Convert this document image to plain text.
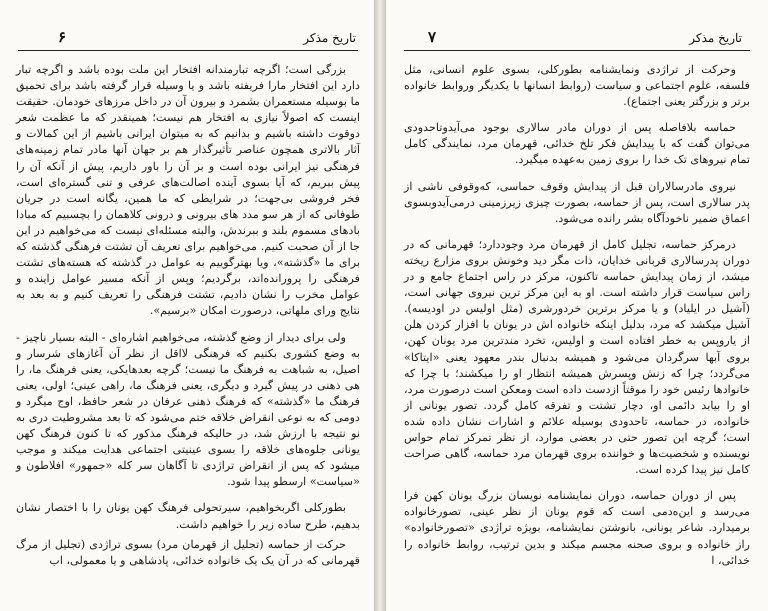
۶	تاریخ مذکر

بزرگی است؛ اگرچه تبارمندانه افتخار این ملت بوده باشد و اگرچه تبار دارد این افتخار مارا فریفته باشد و یا وسیله قرار گرفته باشد برای تحمیق ما بوسیله مستعمران بشمرد و بیرون آن در داخل مرزهای خودمان. حقیقت اینست که اصولاً نیازی به افتخار هم نیست؛ همینقدر که ما عظمت شعر دوقوت داشته باشیم و بدانیم که به میتوان ایرانی باشیم از این کمالات و آثار بالاتری همچون عناصر تأثیرگذار هم بر جهان آنها مادر تمام زمینه‌های فرهنگی نیز ایرانی بوده است و بر آن را باور داریم، پیش از آنکه آن را پیش ببریم، که آیا بسوی آینده اصالت‌های عرفی و تنی گستره‌ای است، فخر فروشی بی‌جهت؛ در شرایطی که ما همین، یگانه است در جریان طوفانی که از هر سو مدد های بیرونی و درونی کلاهمان را بچسبیم که مبادا بادهای مسموم بلند و ببرندش، والبته مسئله‌ای نیست که می‌خواهیم در این جا از آن صحبت کنیم. می‌خواهیم برای تعریف آن تشتت فرهنگی گذشته که برای ما «گذشته»، ویا بهترگوییم به عوامل در گذشته که هسته‌های تشتت فرهنگی را پرورانده‌اند، برگردیم؛ وپس از آنکه مسیر عوامل زاینده و عوامل مخرب را نشان دادیم، تشتت فرهنگی را تعریف کنیم و به بعد به نتایج ورای ملهاتی، درصورت امکان «برسیم».

ولی برای دیدار از وضع گذشته، می‌خواهیم اشاره‌ای - البته بسیار ناچیز - به وضع کشوری بکنیم که فرهنگی لااقل از نظر آن آغازهای شرسار و اصیل، به شباهت به فرهنگ ما نیست؛ گرچه بعدهایکی، یعنی فرهنگ ما، را هی ذهنی در پیش گیرد و دیگری، یعنی فرهنگ ما، راهی عینی؛ اولی، یعنی فرهنگ ما «گذشته» که فرهنگ ذهنی عرفان در شعر حافظ، اوج میگرد و دومی که به نوعی انقراض خلاقه ختم می‌شود که تا بعد مشروطیت دری به نو نتیجه با ارزش شد، در حالیکه فرهنگ مذکور که تا کنون فرهنگ کهن یونانی جلوه‌های خلاقه را بسوی عینیتی اجتماعی هدایت میکند و موجب میشود که پس از انقراض تراژدی تا آگاهان سر کله «جمهور» افلاطون و «سیاست» ارسطو پیدا شود.

بطورکلی اگربخواهیم، سیرتحولی فرهنگ کهن یونان را با اختصار نشان بدهیم، طرح ساده زیر را خواهیم داشت.

حرکت از حماسه (تجلیل از قهرمان مرد) بسوی تراژدی (تجلیل از مرگ قهرمانی که در آن یک یک خانواده خدائی، پادشاهی و یا معمولی، اب

۷	تاریخ مذکر

وحرکت از تراژدی ونمایشنامه بطورکلی، بسوی علوم انسانی، مثل فلسفه، علوم اجتماعی و سیاست (روابط انسانها با یکدیگر وروابط خانواده برتر و بزرگتر یعنی اجتماع).

حماسه بلافاصله پس از دوران مادر سالاری بوجود می‌آیدوتاحدودی می‌توان گفت که با پیدایش فکر تلخ خدائی، قهرمان مرد، نمایندگی کامل تمام نیروهای تک خدا را بروی زمین به‌عهده میگیرد.

نیروی مادرسالاران قبل از پیدایش وقوف حماسی، که‌وقوفی ناشی از پدر سالاری است، پس از حماسه، بصورت چیزی زیرزمینی درمی‌آیدوبسوی اعماق ضمیر ناخودآگاه بشر رانده می‌شود.

درمرکز حماسه، تجلیل کامل از قهرمان مرد وجوددارد؛ قهرمانی که در دوران پدرسالاری قربانی خدایان، ذات مگر دید وخونش بروی مزارع ریخته میشد، از زمان پیدایش حماسه تاکنون، مرکز در راس اجتماع جامع و در راس سیاست قرار داشته است. او به این مرکز ترین نیروی جهانی است، (آشیل در ایلیاد) و یا مرکز برترین خردورشری (مثل اولیس در اودیسه). آشیل میکشد که مرد، بدلیل اینکه خانواده اش در یونان با افزار کردن هلن از یاروپس به خطر افتاده است و اولیس، تخرد مندترین مرد یونان کهن، بروی آبها سرگردان می‌شود و همیشه بدنبال بندر معهود یعنی «ایتاکا» می‌گردد؛ چرا که زنش وپسرش همیشه انتظار او را میکشند؛ با چرا که خانوادها رئیس خود را موقتاً ازدست داده است ومعکن است درصورت مرد، او را بیابد دائمی او، دچار تشتت و تفرقه کامل گردد. تصور یونانی از خانواده، در حماسه، تاحدودی بوسیله علائم و اشارات نشان داده شده است؛ گرچه این تصور حتی در بعضی موارد، از نظر تمرکز تمام حواس نویسنده و شخصیت‌ها و خواننده بروی قهرمان مرد حماسه، گاهی صراحت کامل نیز پیدا کرده است.

پس از دوران حماسه، دوران نمایشنامه نویسان بزرگ یونان کهن فرا می‌رسد و این‌ه‌دمی است که قوم یونان از نظر عینی، تصورخانواده برمیدارد. شاعر یونانی، بانوشتن نمایشنامه، بویژه تراژدی «تصورخانواده» راز خانواده و بروی صحنه مجسم میکند و بدین ترتیب، روابط خانواده را خدائی، ا
